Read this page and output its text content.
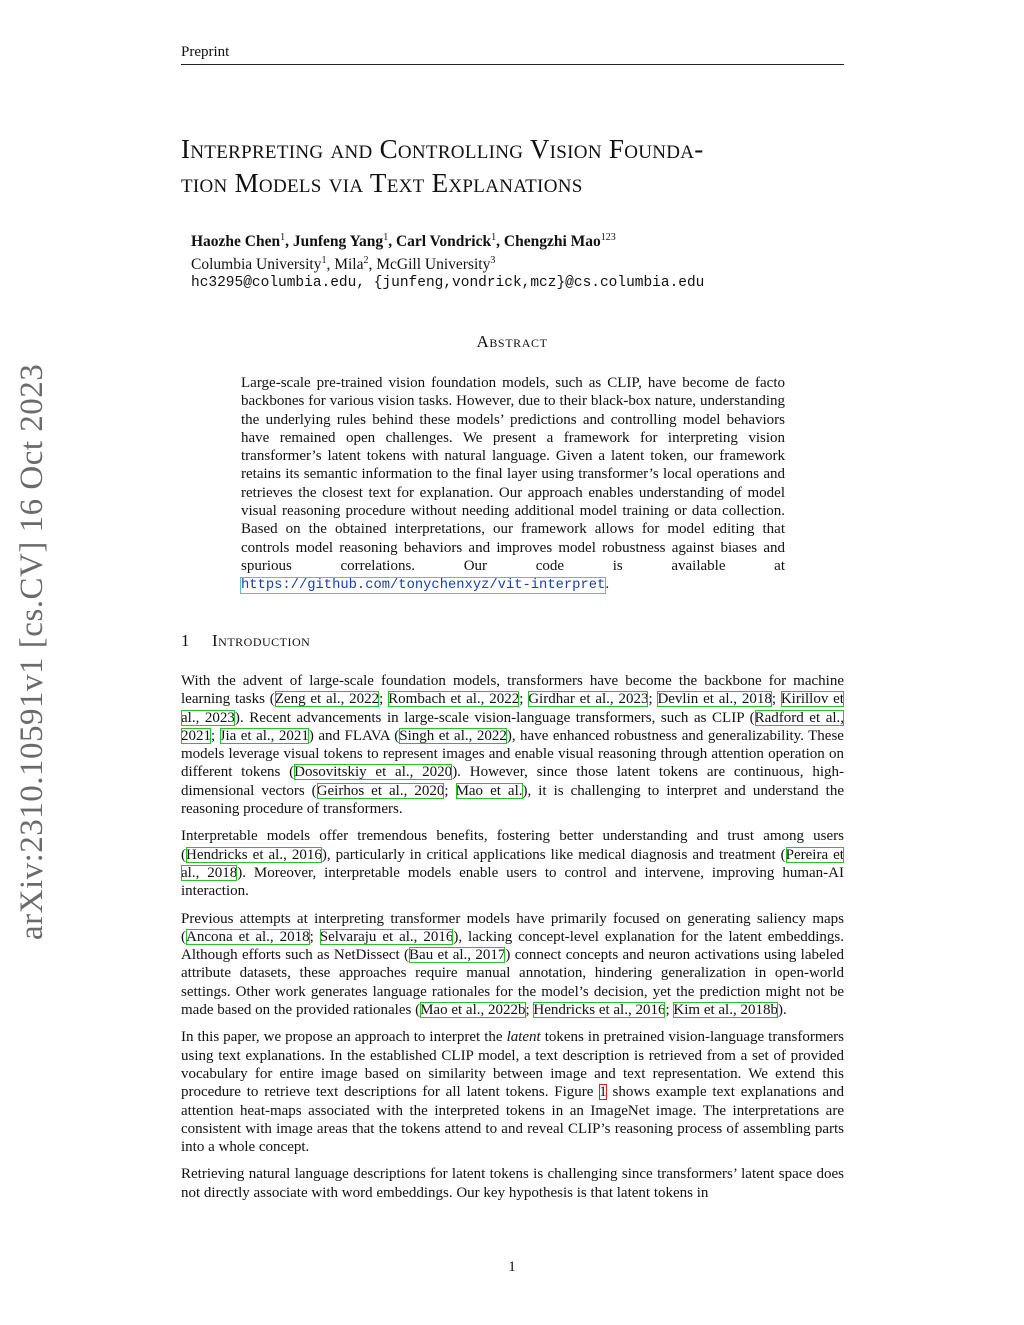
Preprint
Interpreting and Controlling Vision Founda-
tion Models via Text Explanations
Haozhe Chen$^1$, Junfeng Yang$^1$, Carl Vondrick$^1$, Chengzhi Mao$^{123}$
Columbia University$^1$, Mila$^2$, McGill University$^3$
hc3295@columbia.edu, {junfeng,vondrick,mcz}@cs.columbia.edu
arXiv:2310.10591v1 [cs.CV] 16 Oct 2023
Abstract
Large-scale pre-trained vision foundation models, such as CLIP, have become de facto backbones for various vision tasks. However, due to their black-box nature, understanding the underlying rules behind these models’ predictions and controlling model behaviors have remained open challenges. We present a framework for interpreting vision transformer’s latent tokens with natural language. Given a latent token, our framework retains its semantic information to the final layer using transformer’s local operations and retrieves the closest text for explanation. Our approach enables understanding of model visual reasoning procedure without needing additional model training or data collection. Based on the obtained interpretations, our framework allows for model editing that controls model reasoning behaviors and improves model robustness against biases and spurious correlations. Our code is available at https://github.com/tonychenxyz/vit-interpret.
1 Introduction

With the advent of large-scale foundation models, transformers have become the backbone for machine learning tasks (Zeng et al., 2022; Rombach et al., 2022; Girdhar et al., 2023; Devlin et al., 2018; Kirillov et al., 2023). Recent advancements in large-scale vision-language transformers, such as CLIP (Radford et al., 2021; Jia et al., 2021) and FLAVA (Singh et al., 2022), have enhanced robustness and generalizability. These models leverage visual tokens to represent images and enable visual reasoning through attention operation on different tokens (Dosovitskiy et al., 2020). However, since those latent tokens are continuous, high-dimensional vectors (Geirhos et al., 2020; Mao et al.), it is challenging to interpret and understand the reasoning procedure of transformers.

Interpretable models offer tremendous benefits, fostering better understanding and trust among users (Hendricks et al., 2016), particularly in critical applications like medical diagnosis and treatment (Pereira et al., 2018). Moreover, interpretable models enable users to control and intervene, improving human-AI interaction.

Previous attempts at interpreting transformer models have primarily focused on generating saliency maps (Ancona et al., 2018; Selvaraju et al., 2016), lacking concept-level explanation for the latent embeddings. Although efforts such as NetDissect (Bau et al., 2017) connect concepts and neuron activations using labeled attribute datasets, these approaches require manual annotation, hindering generalization in open-world settings. Other work generates language rationales for the model’s decision, yet the prediction might not be made based on the provided rationales (Mao et al., 2022b; Hendricks et al., 2016; Kim et al., 2018b).

In this paper, we propose an approach to interpret the latent tokens in pretrained vision-language transformers using text explanations. In the established CLIP model, a text description is retrieved from a set of provided vocabulary for entire image based on similarity between image and text representation. We extend this procedure to retrieve text descriptions for all latent tokens. Figure 1 shows example text explanations and attention heat-maps associated with the interpreted tokens in an ImageNet image. The interpretations are consistent with image areas that the tokens attend to and reveal CLIP’s reasoning process of assembling parts into a whole concept.

Retrieving natural language descriptions for latent tokens is challenging since transformers’ latent space does not directly associate with word embeddings. Our key hypothesis is that latent tokens in

1
